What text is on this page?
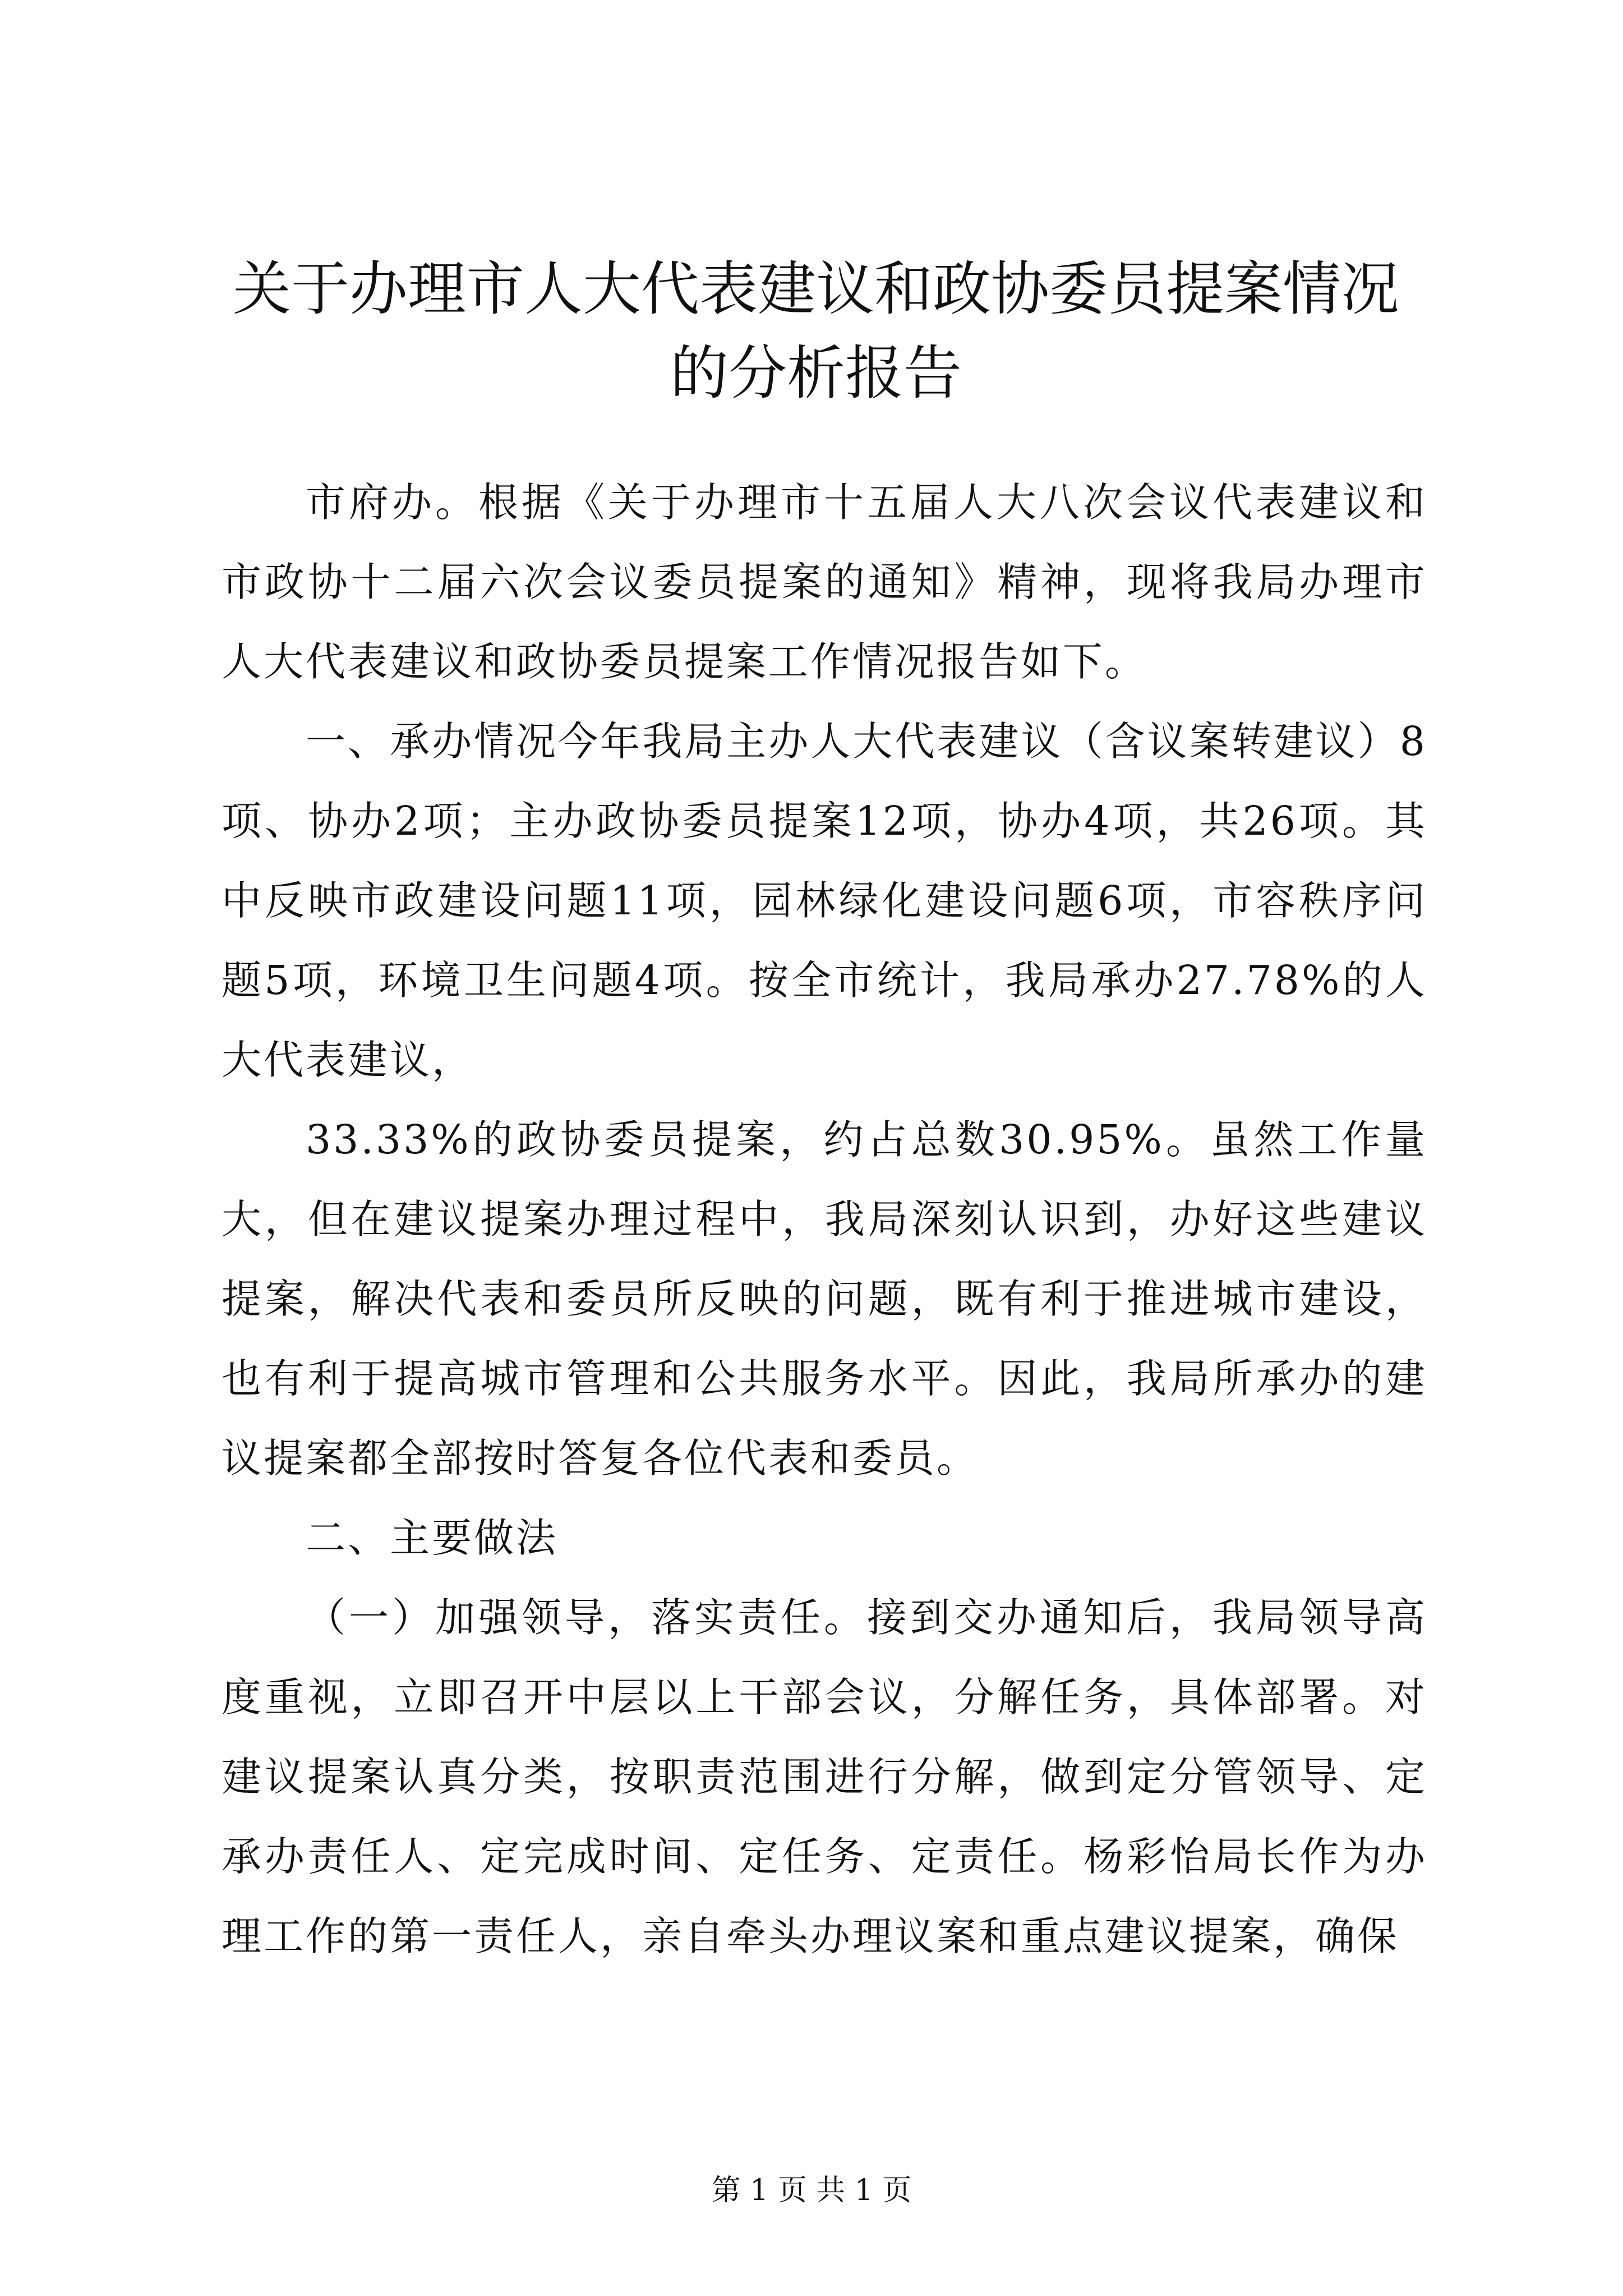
关于办理市人大代表建议和政协委员提案情况的分析报告

市府办。根据《关于办理市十五届人大八次会议代表建议和市政协十二届六次会议委员提案的通知》精神，现将我局办理市人大代表建议和政协委员提案工作情况报告如下。

一、承办情况今年我局主办人大代表建议（含议案转建议）8项、协办2项；主办政协委员提案12项，协办4项，共26项。其中反映市政建设问题11项，园林绿化建设问题6项，市容秩序问题5项，环境卫生问题4项。按全市统计，我局承办27.78%的人大代表建议，

33.33%的政协委员提案，约占总数30.95%。虽然工作量大，但在建议提案办理过程中，我局深刻认识到，办好这些建议提案，解决代表和委员所反映的问题，既有利于推进城市建设，也有利于提高城市管理和公共服务水平。因此，我局所承办的建议提案都全部按时答复各位代表和委员。

二、主要做法

（一）加强领导，落实责任。接到交办通知后，我局领导高度重视，立即召开中层以上干部会议，分解任务，具体部署。对建议提案认真分类，按职责范围进行分解，做到定分管领导、定承办责任人、定完成时间、定任务、定责任。杨彩怡局长作为办理工作的第一责任人，亲自牵头办理议案和重点建议提案，确保

第 1 页 共 1 页
